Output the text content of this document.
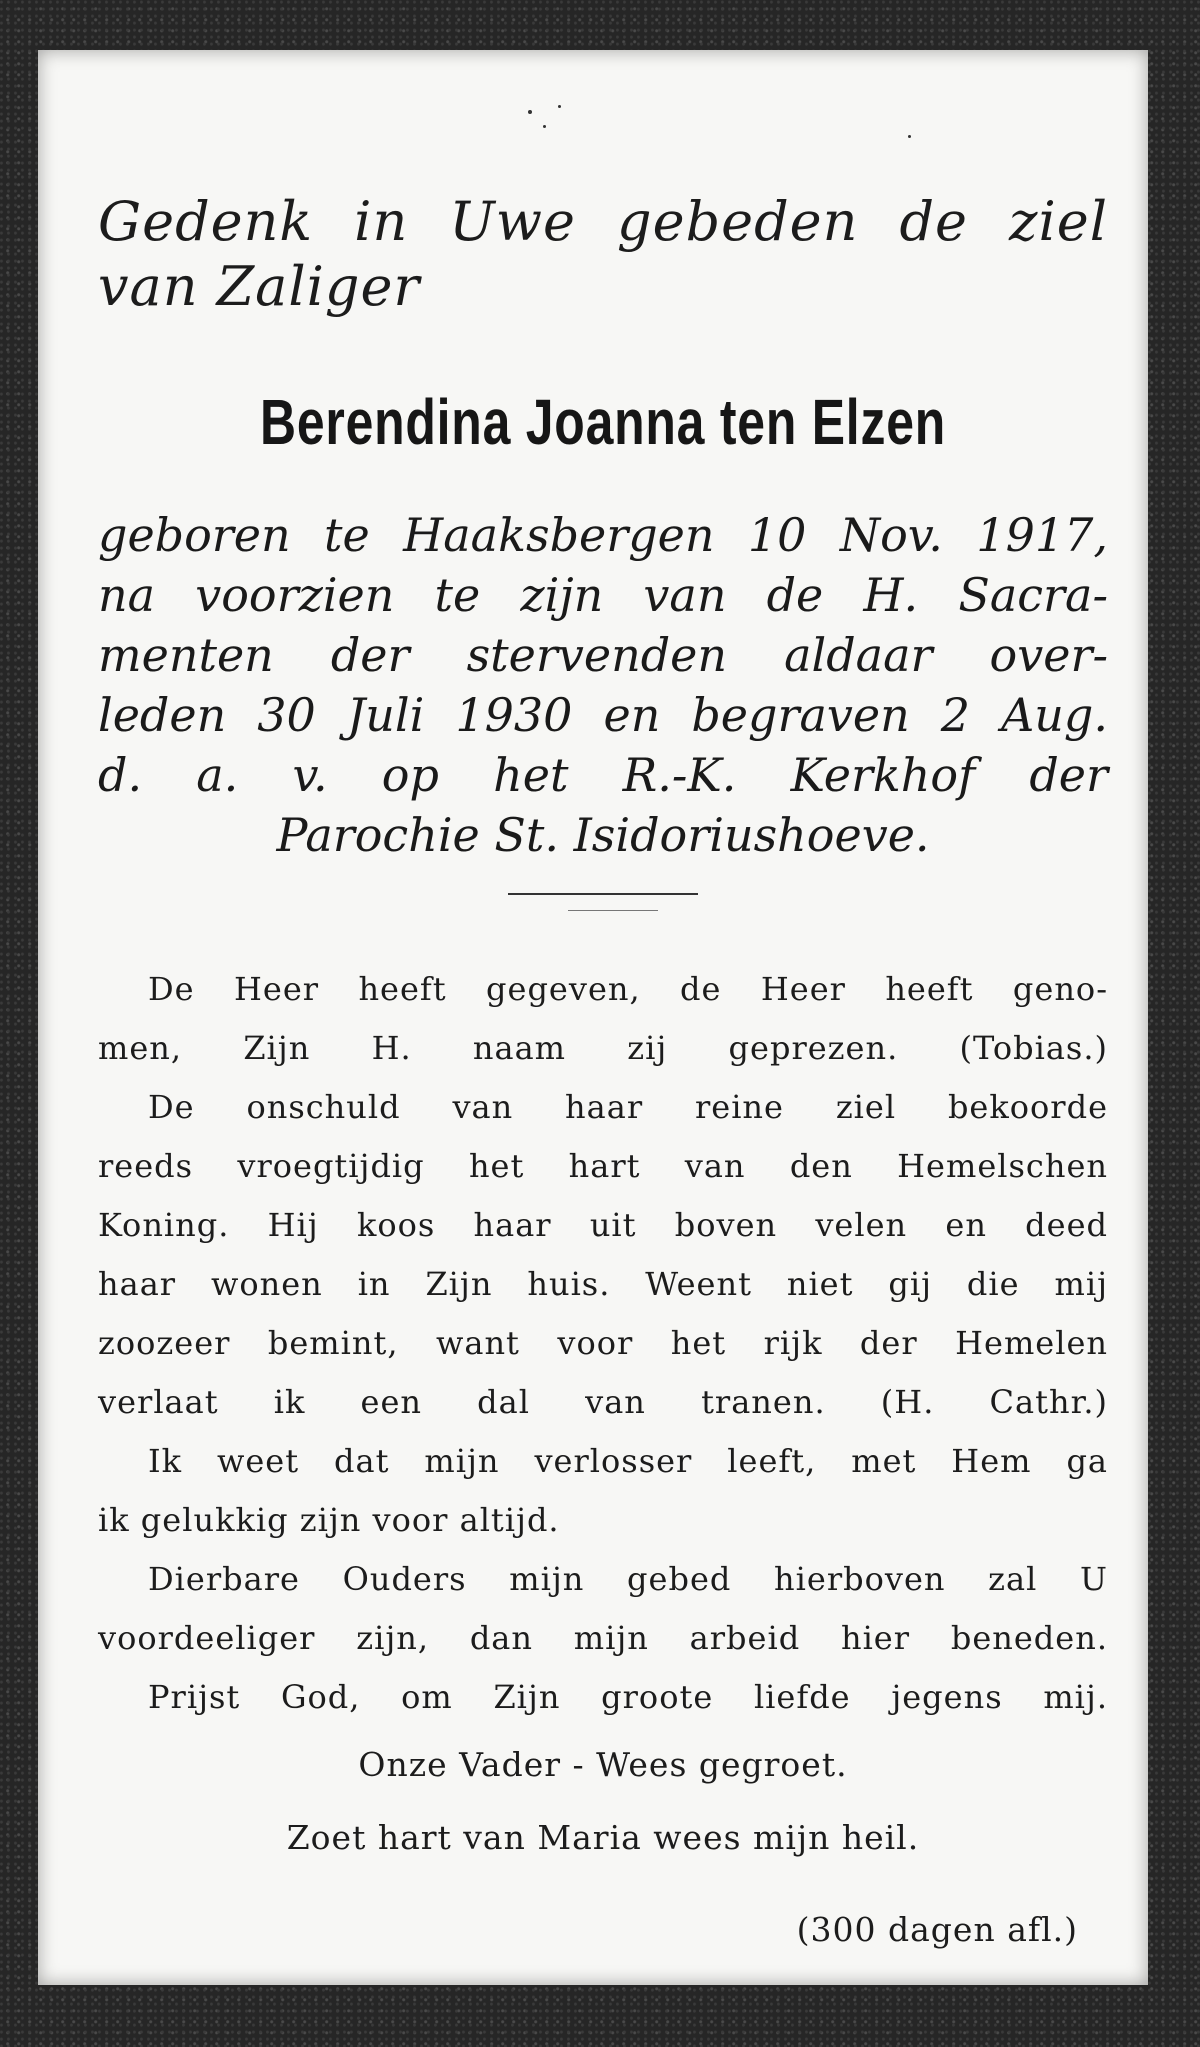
Gedenk in Uwe gebeden de ziel
van Zaliger
Berendina Joanna ten Elzen
geboren te Haaksbergen 10 Nov. 1917,
na voorzien te zijn van de H. Sacra-
menten der stervenden aldaar over-
leden 30 Juli 1930 en begraven 2 Aug.
d. a. v. op het R.-K. Kerkhof der
Parochie St. Isidoriushoeve.
De Heer heeft gegeven, de Heer heeft geno-
men, Zijn H. naam zij geprezen. (Tobias.)
De onschuld van haar reine ziel bekoorde
reeds vroegtijdig het hart van den Hemelschen
Koning. Hij koos haar uit boven velen en deed
haar wonen in Zijn huis. Weent niet gij die mij
zoozeer bemint, want voor het rijk der Hemelen
verlaat ik een dal van tranen. (H. Cathr.)
Ik weet dat mijn verlosser leeft, met Hem ga
ik gelukkig zijn voor altijd.
Dierbare Ouders mijn gebed hierboven zal U
voordeeliger zijn, dan mijn arbeid hier beneden.
Prijst God, om Zijn groote liefde jegens mij.
Onze Vader - Wees gegroet.
Zoet hart van Maria wees mijn heil.
(300 dagen afl.)
